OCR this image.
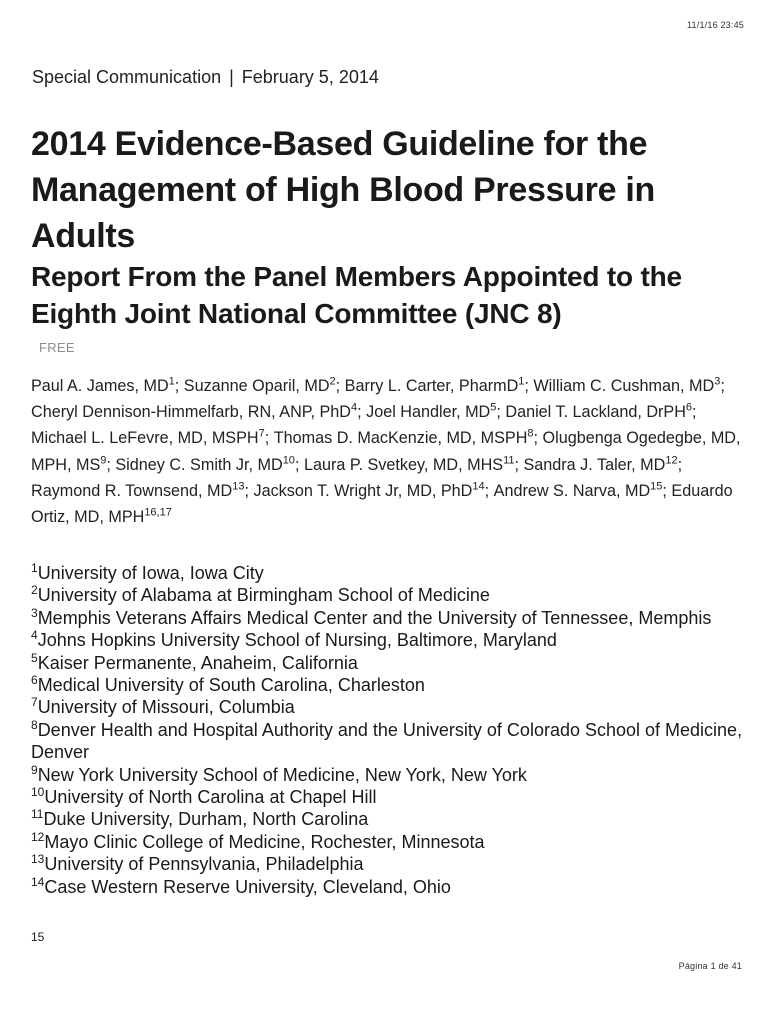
11/1/16 23:45
Special Communication | February 5, 2014
2014 Evidence-Based Guideline for the Management of High Blood Pressure in Adults
Report From the Panel Members Appointed to the Eighth Joint National Committee (JNC 8)
FREE
Paul A. James, $MD^1$; Suzanne Oparil, $MD^2$; Barry L. Carter, PharmD$^1$; William C. Cushman, $MD^3$; Cheryl Dennison-Himmelfarb, RN, ANP, PhD$^4$; Joel Handler, $MD^5$; Daniel T. Lackland, DrPH$^6$; Michael L. LeFevre, MD, MSPH$^7$; Thomas D. MacKenzie, MD, MSPH$^8$; Olugbenga Ogedegbe, MD, MPH, $MS^9$; Sidney C. Smith Jr, MD$^{10}$; Laura P. Svetkey, MD, MHS$^{11}$; Sandra J. Taler, MD$^{12}$; Raymond R. Townsend, MD$^{13}$; Jackson T. Wright Jr, MD, PhD$^{14}$; Andrew S. Narva, MD$^{15}$; Eduardo Ortiz, MD, MPH$^{16,17}$
$^1$University of Iowa, Iowa City
$^2$University of Alabama at Birmingham School of Medicine
$^3$Memphis Veterans Affairs Medical Center and the University of Tennessee, Memphis
$^4$Johns Hopkins University School of Nursing, Baltimore, Maryland
$^5$Kaiser Permanente, Anaheim, California
$^6$Medical University of South Carolina, Charleston
$^7$University of Missouri, Columbia
$^8$Denver Health and Hospital Authority and the University of Colorado School of Medicine, Denver
$^9$New York University School of Medicine, New York, New York
$^{10}$University of North Carolina at Chapel Hill
$^{11}$Duke University, Durham, North Carolina
$^{12}$Mayo Clinic College of Medicine, Rochester, Minnesota
$^{13}$University of Pennsylvania, Philadelphia
$^{14}$Case Western Reserve University, Cleveland, Ohio
15
Página 1 de 41
